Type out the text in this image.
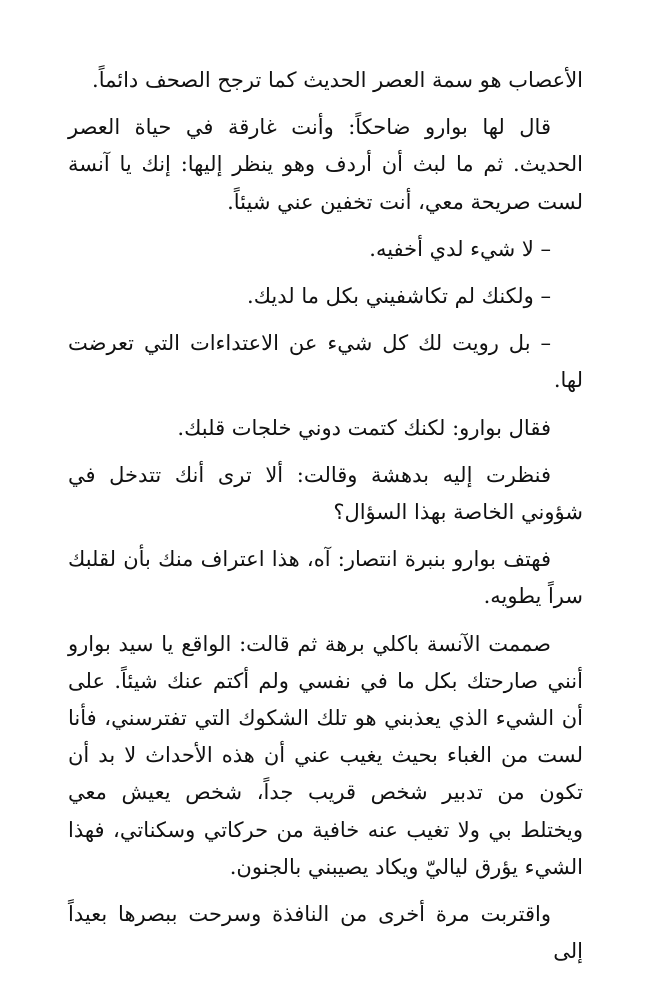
الأعصاب هو سمة العصر الحديث كما ترجح الصحف دائماً.

قال لها بوارو ضاحكاً: وأنت غارقة في حياة العصر الحديث. ثم ما لبث أن أردف وهو ينظر إليها: إنك يا آنسة لست صريحة معي، أنت تخفين عني شيئاً.

– لا شيء لدي أخفيه.

– ولكنك لم تكاشفيني بكل ما لديك.

– بل رويت لك كل شيء عن الاعتداءات التي تعرضت لها.

فقال بوارو: لكنك كتمت دوني خلجات قلبك.

فنظرت إليه بدهشة وقالت: ألا ترى أنك تتدخل في شؤوني الخاصة بهذا السؤال؟

فهتف بوارو بنبرة انتصار: آه، هذا اعتراف منك بأن لقلبك سراً يطويه.

صممت الآنسة باكلي برهة ثم قالت: الواقع يا سيد بوارو أنني صارحتك بكل ما في نفسي ولم أكتم عنك شيئاً. على أن الشيء الذي يعذبني هو تلك الشكوك التي تفترسني، فأنا لست من الغباء بحيث يغيب عني أن هذه الأحداث لا بد أن تكون من تدبير شخص قريب جداً، شخص يعيش معي ويختلط بي ولا تغيب عنه خافية من حركاتي وسكناتي، فهذا الشيء يؤرق لياليّ ويكاد يصيبني بالجنون.

واقتربت مرة أخرى من النافذة وسرحت ببصرها بعيداً إلى
